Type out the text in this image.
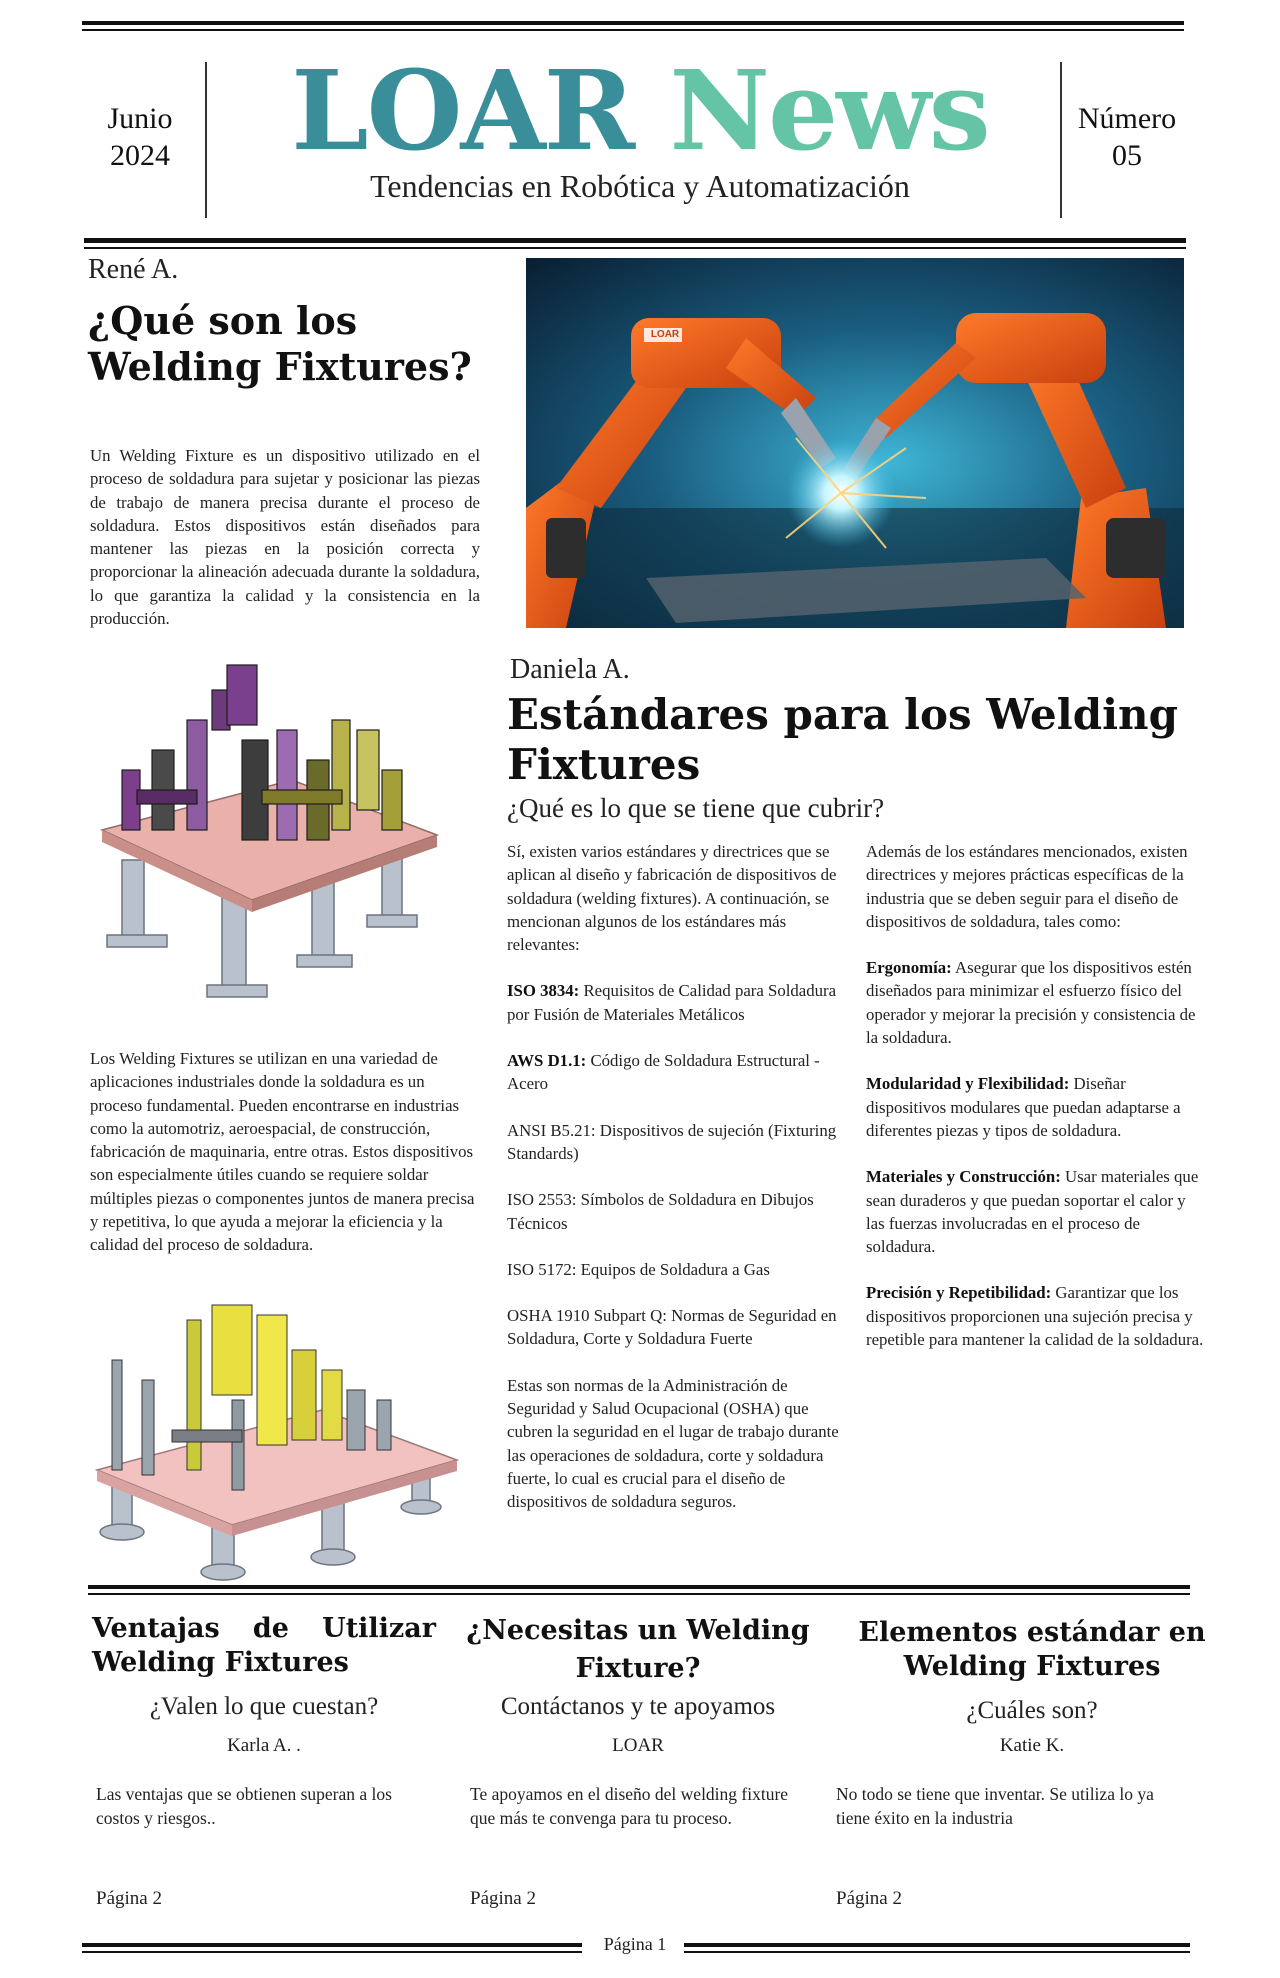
Junio
2024	LOAR News
Tendencias en Robótica y Automatización
Número
05
René A.
¿Qué son los
Welding Fixtures?

Un Welding Fixture es un dispositivo utilizado en el proceso de soldadura para sujetar y posicionar las piezas de trabajo de manera precisa durante el proceso de soldadura. Estos dispositivos están diseñados para mantener las piezas en la posición correcta y proporcionar la alineación adecuada durante la soldadura, lo que garantiza la calidad y la consistencia en la producción.

LOAR

Los Welding Fixtures se utilizan en una variedad de aplicaciones industriales donde la soldadura es un proceso fundamental. Pueden encontrarse en industrias como la automotriz, aeroespacial, de construcción, fabricación de maquinaria, entre otras. Estos dispositivos son especialmente útiles cuando se requiere soldar múltiples piezas o componentes juntos de manera precisa y repetitiva, lo que ayuda a mejorar la eficiencia y la calidad del proceso de soldadura.

Daniela A.
Estándares para los Welding
Fixtures
¿Qué es lo que se tiene que cubrir?

Sí, existen varios estándares y directrices que se aplican al diseño y fabricación de dispositivos de soldadura (welding fixtures). A continuación, se mencionan algunos de los estándares más relevantes:

ISO 3834: Requisitos de Calidad para Soldadura por Fusión de Materiales Metálicos

AWS D1.1: Código de Soldadura Estructural - Acero

ANSI B5.21: Dispositivos de sujeción (Fixturing Standards)

ISO 2553: Símbolos de Soldadura en Dibujos Técnicos

ISO 5172: Equipos de Soldadura a Gas

OSHA 1910 Subpart Q: Normas de Seguridad en Soldadura, Corte y Soldadura Fuerte

Estas son normas de la Administración de Seguridad y Salud Ocupacional (OSHA) que cubren la seguridad en el lugar de trabajo durante las operaciones de soldadura, corte y soldadura fuerte, lo cual es crucial para el diseño de dispositivos de soldadura seguros.

Además de los estándares mencionados, existen directrices y mejores prácticas específicas de la industria que se deben seguir para el diseño de dispositivos de soldadura, tales como:

Ergonomía: Asegurar que los dispositivos estén diseñados para minimizar el esfuerzo físico del operador y mejorar la precisión y consistencia de la soldadura.

Modularidad y Flexibilidad: Diseñar dispositivos modulares que puedan adaptarse a diferentes piezas y tipos de soldadura.

Materiales y Construcción: Usar materiales que sean duraderos y que puedan soportar el calor y las fuerzas involucradas en el proceso de soldadura.

Precisión y Repetibilidad: Garantizar que los dispositivos proporcionen una sujeción precisa y repetible para mantener la calidad de la soldadura.

Ventajas de Utilizar
Welding Fixtures
¿Valen lo que cuestan?
Karla A. .

Las ventajas que se obtienen superan a los costos y riesgos..

Página 2
¿Necesitas un Welding
Fixture?
Contáctanos y te apoyamos
LOAR

Te apoyamos en el diseño del welding fixture que más te convenga para tu proceso.

Página 2
Elementos estándar en
Welding Fixtures
¿Cuáles son?
Katie K.

No todo se tiene que inventar. Se utiliza lo ya tiene éxito en la industria

Página 2
Página 1
